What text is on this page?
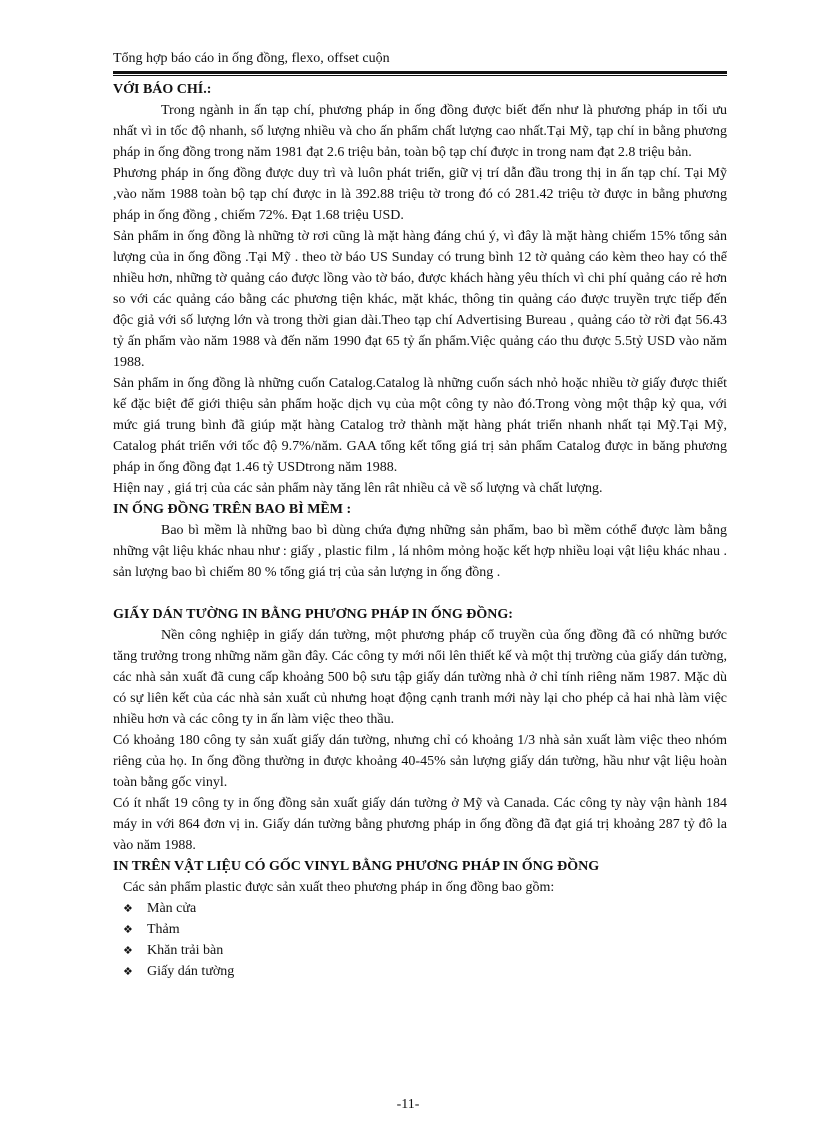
Tổng hợp báo cáo in ống đồng, flexo, offset cuộn
VỚI BÁO CHÍ.:

Trong ngành in ấn tạp chí, phương pháp in ống đồng được biết đến như là phương pháp in tối ưu nhất vì in tốc độ nhanh, số lượng nhiều và cho ấn phẩm chất lượng cao nhất.Tại Mỹ, tạp chí in bằng phương pháp in ống đồng trong năm 1981 đạt 2.6 triệu bản, toàn bộ tạp chí được in trong nam đạt 2.8 triệu bản.

Phương pháp in ống đồng được duy trì và luôn phát triển, giữ vị trí dẫn đầu trong thị in ấn tạp chí. Tại Mỹ ,vào năm 1988 toàn bộ tạp chí được in là 392.88 triệu tờ trong đó có 281.42 triệu tờ được in bằng phương pháp in ống đồng , chiếm 72%. Đạt 1.68 triệu USD.

Sản phẩm in ống đồng là những tờ rơi cũng là mặt hàng đáng chú ý, vì đây là mặt hàng chiếm 15% tổng sản lượng của in ống đồng .Tại Mỹ . theo tờ báo US Sunday có trung bình 12 tờ quảng cáo kèm theo hay có thể nhiều hơn, những tờ quảng cáo được lồng vào tờ báo, được khách hàng yêu thích vì chi phí quảng cáo rẻ hơn so với các quảng cáo bằng các phương tiện khác, mặt khác, thông tin quảng cáo được truyền trực tiếp đến độc giả với số lượng lớn và trong thời gian dài.Theo tạp chí Advertising Bureau , quảng cáo tờ rời đạt 56.43 tỷ ấn phẩm vào năm 1988 và đến năm 1990 đạt 65 tỷ ấn phẩm.Việc quảng cáo thu được 5.5tỷ USD vào năm 1988.

Sản phẩm in ống đồng là những cuốn Catalog.Catalog là những cuốn sách nhỏ hoặc nhiều tờ giấy được thiết kế đặc biệt để giới thiệu sản phẩm hoặc dịch vụ của một công ty nào đó.Trong vòng một thập kỷ qua, với mức giá trung bình đã giúp mặt hàng Catalog trở thành mặt hàng phát triển nhanh nhất tại Mỹ.Tại Mỹ, Catalog phát triển với tốc độ 9.7%/năm. GAA tổng kết tổng giá trị sản phẩm Catalog được in băng phương pháp in ống đồng đạt 1.46 tỷ USDtrong năm 1988.

Hiện nay , giá trị của các sản phẩm này tăng lên rât nhiều cả về số lượng và chất lượng.

IN ỐNG ĐỒNG TRÊN BAO BÌ MỀM :

Bao bì mềm là những bao bì dùng chứa đựng những sản phẩm, bao bì mềm cóthể được làm bằng những vật liệu khác nhau như : giấy , plastic film , lá nhôm mỏng hoặc kết hợp nhiều loại vật liệu khác nhau . sản lượng bao bì chiếm 80 % tổng giá trị của sản lượng in ống đồng .

GIẤY DÁN TƯỜNG IN BẰNG PHƯƠNG PHÁP IN ỐNG ĐỒNG:

Nền công nghiệp in giấy dán tường, một phương pháp cổ truyền của ống đồng đã có những bước tăng trưởng trong những năm gần đây. Các công ty mới nổi lên thiết kế và một thị trường của giấy dán tường, các nhà sản xuất đã cung cấp khoảng 500 bộ sưu tập giấy dán tường nhà ở chỉ tính riêng năm 1987. Mặc dù có sự liên kết của các nhà sản xuất củ nhưng hoạt động cạnh tranh mới này lại cho phép cả hai nhà làm việc nhiều hơn và các công ty in ấn làm việc theo thầu.

Có khoảng 180 công ty sản xuất giấy dán tường, nhưng chỉ có khoảng 1/3 nhà sản xuất làm việc theo nhóm riêng của họ. In ống đồng thường in được khoảng 40-45% sản lượng giấy dán tường, hầu như vật liệu hoàn toàn bằng gốc vinyl.

Có ít nhất 19 công ty in ống đồng sản xuất giấy dán tường ở Mỹ và Canada. Các công ty này vận hành 184 máy in với 864 đơn vị in. Giấy dán tường bằng phương pháp in ống đồng đã đạt giá trị khoảng 287 tỷ đô la vào năm 1988.

IN TRÊN VẬT LIỆU CÓ GỐC VINYL BẰNG PHƯƠNG PHÁP IN ỐNG ĐỒNG

Các sản phẩm plastic được sản xuất theo phương pháp in ống đồng bao gồm:

❖ Màn cửa
❖ Thảm
❖ Khăn trải bàn
❖ Giấy dán tường
-11-
